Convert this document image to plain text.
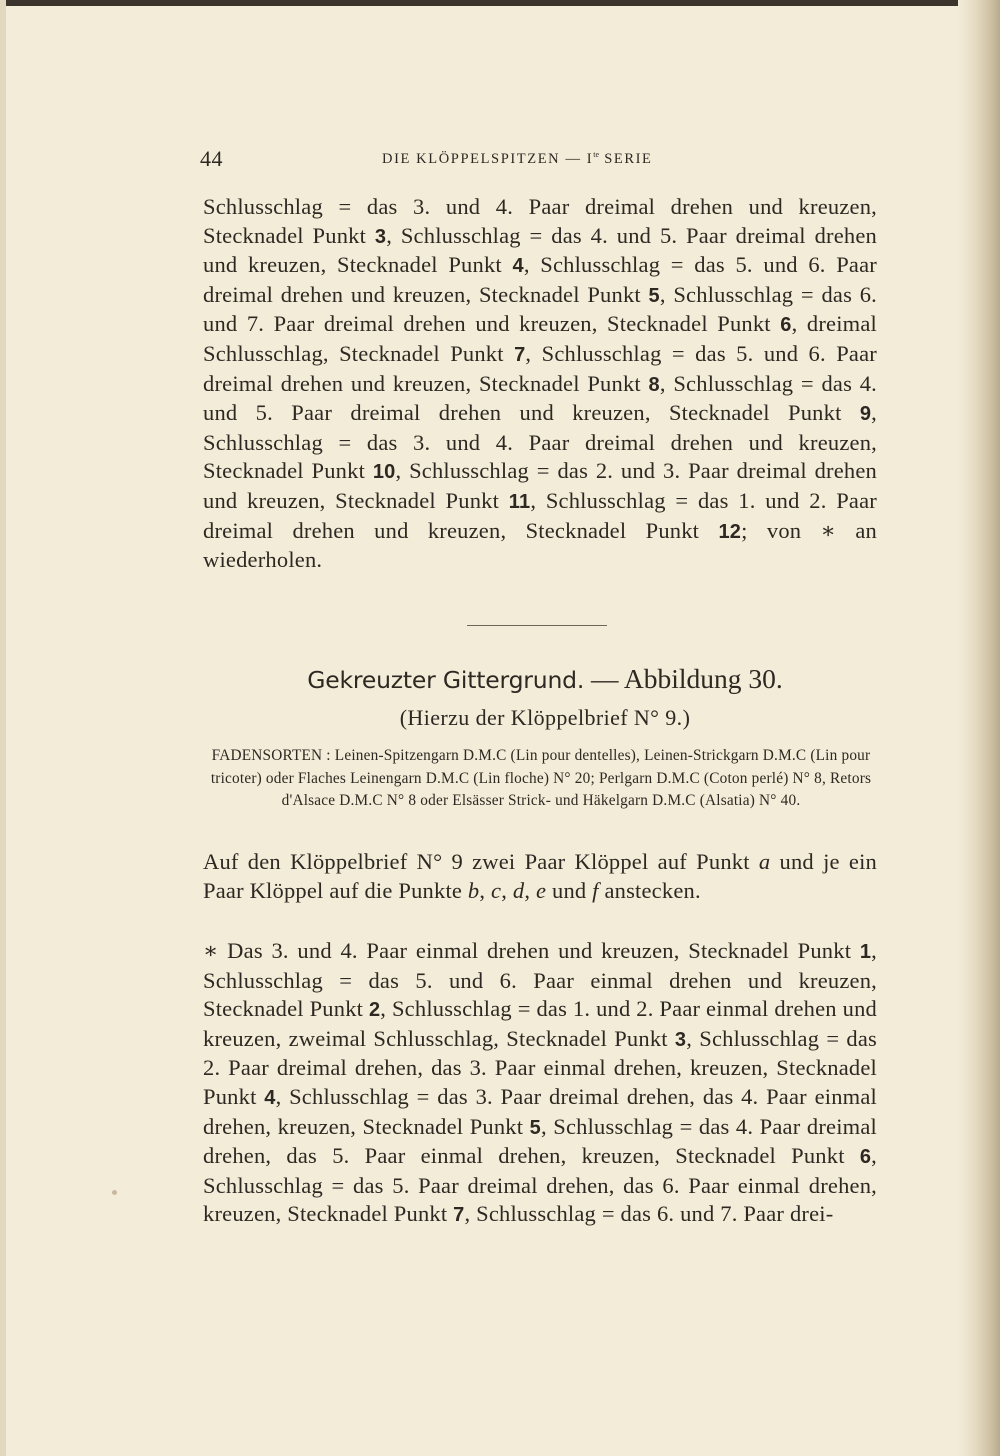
44	DIE KLÖPPELSPITZEN — $I^{te}$ SERIE

Schlusschlag = das 3. und 4. Paar dreimal drehen und kreuzen, Stecknadel Punkt 3, Schlusschlag = das 4. und 5. Paar dreimal drehen und kreuzen, Stecknadel Punkt 4, Schlusschlag = das 5. und 6. Paar dreimal drehen und kreuzen, Stecknadel Punkt 5, Schlusschlag = das 6. und 7. Paar dreimal drehen und kreuzen, Stecknadel Punkt 6, dreimal Schlusschlag, Stecknadel Punkt 7, Schlusschlag = das 5. und 6. Paar dreimal drehen und kreuzen, Stecknadel Punkt 8, Schlusschlag = das 4. und 5. Paar dreimal drehen und kreuzen, Stecknadel Punkt 9, Schlusschlag = das 3. und 4. Paar dreimal drehen und kreuzen, Stecknadel Punkt 10, Schlusschlag = das 2. und 3. Paar dreimal drehen und kreuzen, Stecknadel Punkt 11, Schlusschlag = das 1. und 2. Paar dreimal drehen und kreuzen, Stecknadel Punkt 12; von ∗ an wiederholen.

Gekreuzter Gittergrund. — Abbildung 30.

(Hierzu der Klöppelbrief N° 9.)

FADENSORTEN : Leinen-Spitzengarn D.M.C (Lin pour dentelles), Leinen-Strickgarn D.M.C (Lin pour tricoter) oder Flaches Leinengarn D.M.C (Lin floche) N° 20; Perlgarn D.M.C (Coton perlé) N° 8, Retors d'Alsace D.M.C N° 8 oder Elsässer Strick- und Häkelgarn D.M.C (Alsatia) N° 40.

Auf den Klöppelbrief N° 9 zwei Paar Klöppel auf Punkt a und je ein Paar Klöppel auf die Punkte b, c, d, e und f anstecken.

∗ Das 3. und 4. Paar einmal drehen und kreuzen, Stecknadel Punkt 1, Schlusschlag = das 5. und 6. Paar einmal drehen und kreuzen, Stecknadel Punkt 2, Schlusschlag = das 1. und 2. Paar einmal drehen und kreuzen, zweimal Schlusschlag, Stecknadel Punkt 3, Schlusschlag = das 2. Paar dreimal drehen, das 3. Paar einmal drehen, kreuzen, Stecknadel Punkt 4, Schlusschlag = das 3. Paar dreimal drehen, das 4. Paar einmal drehen, kreuzen, Stecknadel Punkt 5, Schlusschlag = das 4. Paar dreimal drehen, das 5. Paar einmal drehen, kreuzen, Stecknadel Punkt 6, Schlusschlag = das 5. Paar dreimal drehen, das 6. Paar einmal drehen, kreuzen, Stecknadel Punkt 7, Schlusschlag = das 6. und 7. Paar drei-
